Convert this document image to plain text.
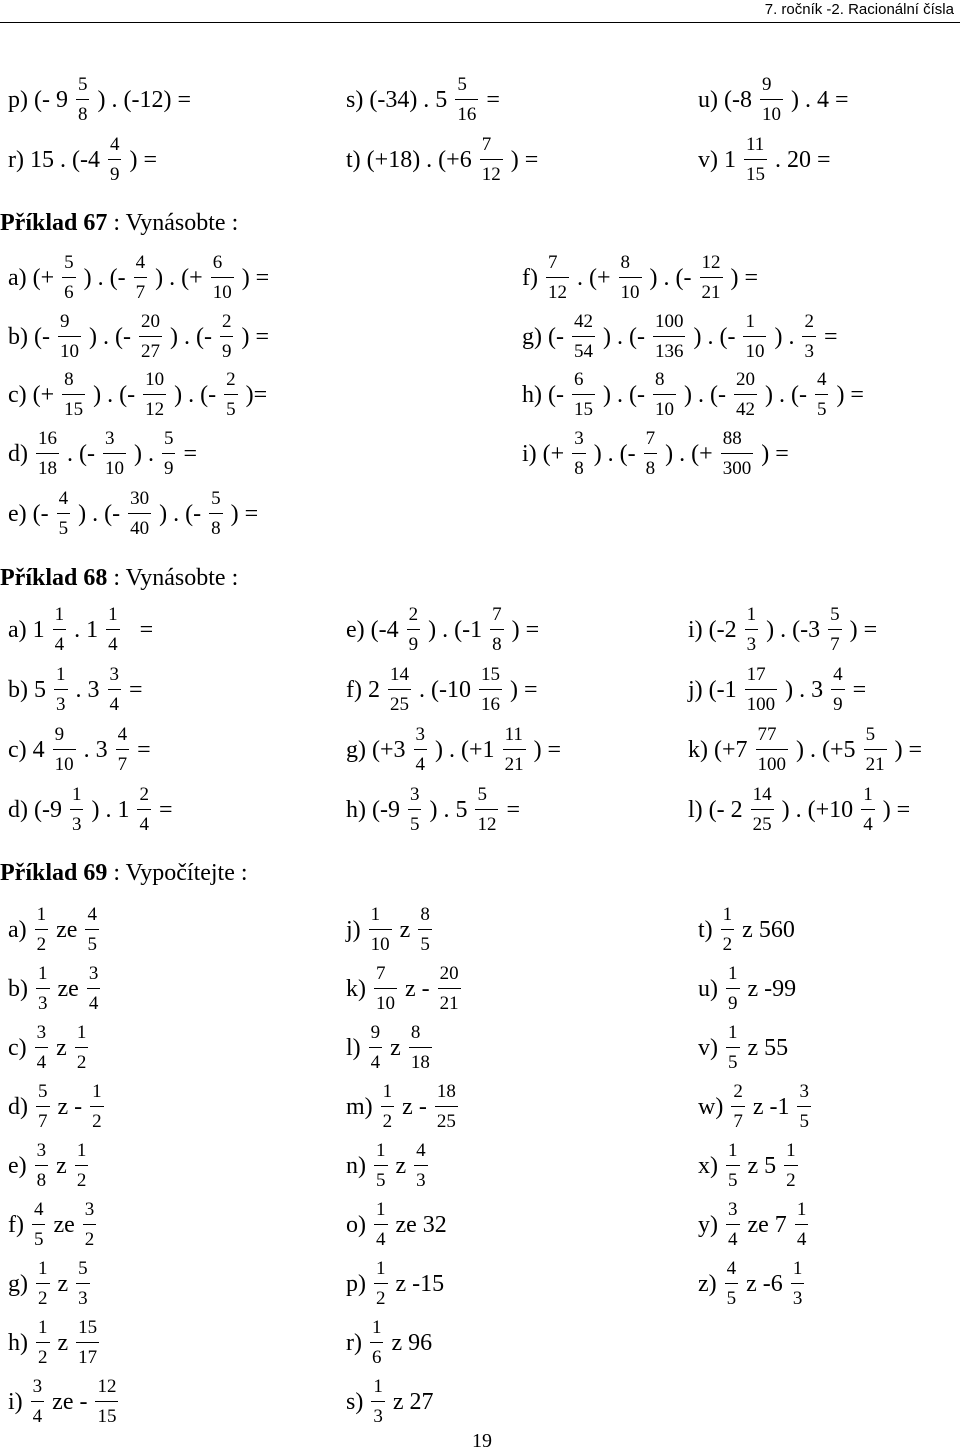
7. ročník -2. Racionální čísla
Příklad 67 : Vynásobte :
Příklad 68 : Vynásobte :
Příklad 69 : Vypočítejte :
p) (- $9 \frac{5}{8}$ ) . (-12) =	s) (-34) . $5 \frac{5}{16}$ =	u) ($-8 \frac{9}{10}$ ) . 4 =
r) 15 . ($-4 \frac{4}{9}$ ) =	t) (+18) . ($+6 \frac{7}{12}$ ) =	v) $1 \frac{11}{15}$ . 20 =
a) (+ $\frac{5}{6}$ ) . (- $\frac{4}{7}$ ) . (+ $\frac{6}{10}$ ) =
b) (- $\frac{9}{10}$ ) . (- $\frac{20}{27}$ ) . (- $\frac{2}{9}$ ) =
c) (+ $\frac{8}{15}$ ) . (- $\frac{10}{12}$ ) . (- $\frac{2}{5}$ )=
$d) \frac{16}{18}$ . (- $\frac{3}{10}$ ) . $\frac{5}{9}$ =
e) (- $\frac{4}{5}$ ) . (- $\frac{30}{40}$ ) . (- $\frac{5}{8}$ ) =
$f) \frac{7}{12}$ . (+ $\frac{8}{10}$ ) . (- $\frac{12}{21}$ ) =
g) (- $\frac{42}{54}$ ) . (- $\frac{100}{136}$ ) . (- $\frac{1}{10}$ ) . $\frac{2}{3}$ =
h) (- $\frac{6}{15}$ ) . (- $\frac{8}{10}$ ) . (- $\frac{20}{42}$ ) . (- $\frac{4}{5}$ ) =
i) (+ $\frac{3}{8}$ ) . (- $\frac{7}{8}$ ) . (+ $\frac{88}{300}$ ) =
a) $1 \frac{1}{4}$ . $1 \frac{1}{4}$   =
b) $5 \frac{1}{3}$ . $3 \frac{3}{4}$ =
c) $4 \frac{9}{10}$ . $3 \frac{4}{7}$ =
d) ($-9 \frac{1}{3}$ ) . $1 \frac{2}{4}$ =
e) ($-4 \frac{2}{9}$ ) . ($-1 \frac{7}{8}$ ) =
f) $2 \frac{14}{25}$ . ($-10 \frac{15}{16}$ ) =
g) ($+3 \frac{3}{4}$ ) . ($+1 \frac{11}{21}$ ) =
h) ($-9 \frac{3}{5}$ ) . $5 \frac{5}{12}$ =
i) ($-2 \frac{1}{3}$ ) . ($-3 \frac{5}{7}$ ) =
j) ($-1 \frac{17}{100}$ ) . $3 \frac{4}{9}$ =
k) ($+7 \frac{77}{100}$ ) . ($+5 \frac{5}{21}$ ) =
l) (- $2 \frac{14}{25}$ ) . ($+10 \frac{1}{4}$ ) =
$a) \frac{1}{2}$ ze $\frac{4}{5}$
$b) \frac{1}{3}$ ze $\frac{3}{4}$
$c) \frac{3}{4}$ z $\frac{1}{2}$
$d) \frac{5}{7}$ z - $\frac{1}{2}$
$e) \frac{3}{8}$ z $\frac{1}{2}$
$f) \frac{4}{5}$ ze $\frac{3}{2}$
$g) \frac{1}{2}$ z $\frac{5}{3}$
$h) \frac{1}{2}$ z $\frac{15}{17}$
$i) \frac{3}{4}$ ze - $\frac{12}{15}$
$j) \frac{1}{10}$ z $\frac{8}{5}$
$k) \frac{7}{10}$ z - $\frac{20}{21}$
$l) \frac{9}{4}$ z $\frac{8}{18}$
$m) \frac{1}{2}$ z - $\frac{18}{25}$
$n) \frac{1}{5}$ z $\frac{4}{3}$
$o) \frac{1}{4}$ ze 32
$p) \frac{1}{2}$ z -15
$r) \frac{1}{6}$ z 96
$s) \frac{1}{3}$ z 27
$t) \frac{1}{2}$ z 560
$u) \frac{1}{9}$ z -99
$v) \frac{1}{5}$ z 55
$w) \frac{2}{7}$ z $-1 \frac{3}{5}$
$x) \frac{1}{5}$ z $5 \frac{1}{2}$
$y) \frac{3}{4}$ ze $7 \frac{1}{4}$
$z) \frac{4}{5}$ z $-6 \frac{1}{3}$
19
